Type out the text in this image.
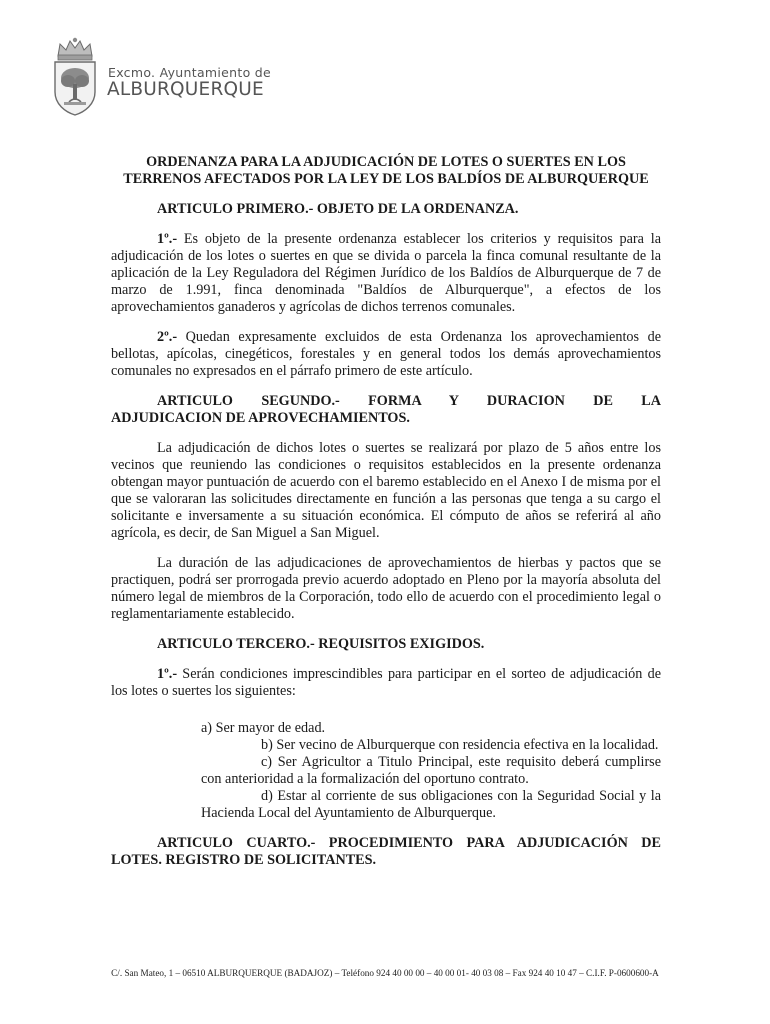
Excmo. Ayuntamiento de
ALBURQUERQUE
ORDENANZA PARA LA ADJUDICACIÓN DE LOTES O SUERTES EN LOS TERRENOS AFECTADOS POR LA LEY DE LOS BALDÍOS DE ALBURQUERQUE
ARTICULO PRIMERO.- OBJETO DE LA ORDENANZA.

1º.- Es objeto de la presente ordenanza establecer los criterios y requisitos para la adjudicación de los lotes o suertes en que se divida o parcela la finca comunal resultante de la aplicación de la Ley Reguladora del Régimen Jurídico de los Baldíos de Alburquerque de 7 de marzo de 1.991, finca denominada "Baldíos de Alburquerque", a efectos de los aprovechamientos ganaderos y agrícolas de dichos terrenos comunales.

2º.- Quedan expresamente excluidos de esta Ordenanza los aprovechamientos de bellotas, apícolas, cinegéticos, forestales y en general todos los demás aprovechamientos comunales no expresados en el párrafo primero de este artículo.

ARTICULO SEGUNDO.- FORMA Y DURACION DE LA
ADJUDICACION DE APROVECHAMIENTOS.

La adjudicación de dichos lotes o suertes se realizará por plazo de 5 años entre los vecinos que reuniendo las condiciones o requisitos establecidos en la presente ordenanza obtengan mayor puntuación de acuerdo con el baremo establecido en el Anexo I de misma por el que se valoraran las solicitudes directamente en función a las personas que tenga a su cargo el solicitante e inversamente a su situación económica. El cómputo de años se referirá al año agrícola, es decir, de San Miguel a San Miguel.

La duración de las adjudicaciones de aprovechamientos de hierbas y pactos que se practiquen, podrá ser prorrogada previo acuerdo adoptado en Pleno por la mayoría absoluta del número legal de miembros de la Corporación, todo ello de acuerdo con el procedimiento legal o reglamentariamente establecido.

ARTICULO TERCERO.- REQUISITOS EXIGIDOS.

1º.- Serán condiciones imprescindibles para participar en el sorteo de adjudicación de los lotes o suertes los siguientes:

a) Ser mayor de edad.
b) Ser vecino de Alburquerque con residencia efectiva en la localidad.
c) Ser Agricultor a Titulo Principal, este requisito deberá cumplirse con anterioridad a la formalización del oportuno contrato.
d) Estar al corriente de sus obligaciones con la Seguridad Social y la Hacienda Local del Ayuntamiento de Alburquerque.
ARTICULO CUARTO.- PROCEDIMIENTO PARA ADJUDICACIÓN DE LOTES. REGISTRO DE SOLICITANTES.
C/. San Mateo, 1 – 06510 ALBURQUERQUE (BADAJOZ) – Teléfono 924 40 00 00 – 40 00 01- 40 03 08 – Fax 924 40 10 47 – C.I.F. P-0600600-A
